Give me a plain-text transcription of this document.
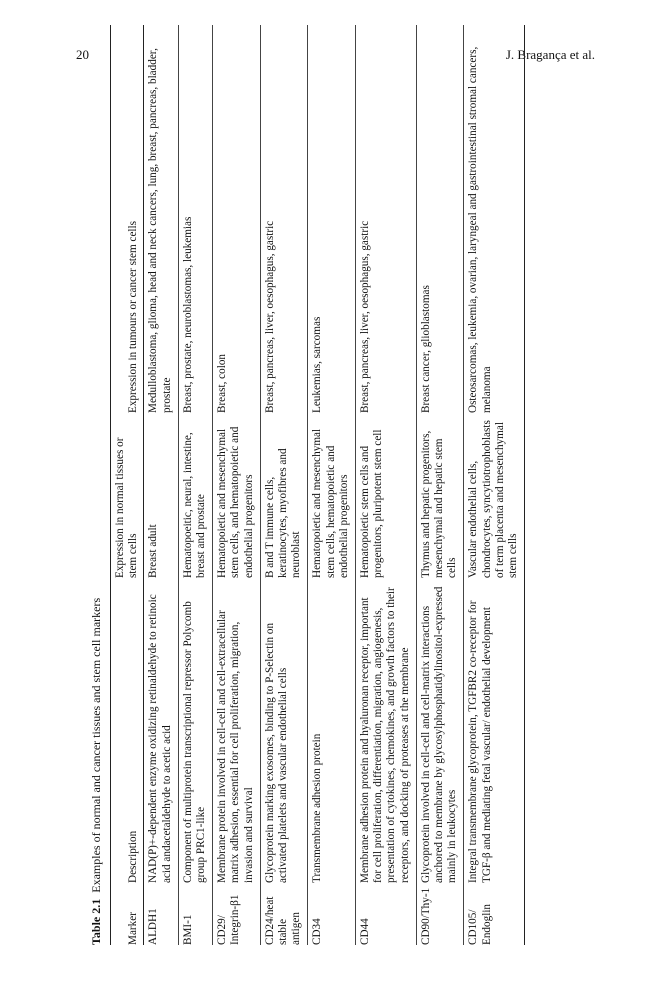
20	J. Bragança et al.
Table 2.1Examples of normal and cancer tissues and stem cell markers
Marker	Description	Expression in normal tissues or stem cells	Expression in tumours or cancer stem cells
ALDH1	NAD(P)+-dependent enzyme oxidizing retinaldehyde to retinoic acid andacetaldehyde to acetic acid	Breast adult	Medulloblastoma, glioma, head and neck cancers, lung, breast, pancreas, bladder, prostate
BMI-1	Component of multiprotein transcriptional repressor Polycomb group PRC1-like	Hematopoeitic, neural, intestine, breast and prostate	Breast, prostate, neuroblastomas, leukemias
CD29/ Integrin-β1	Membrane protein involved in cell-cell and cell-extracellular matrix adhesion, essential for cell proliferation, migration, invasion and survival	Hematopoietic and mesenchymal stem cells, and hematopoietic and endothelial progenitors	Breast, colon
CD24/heat stable antigen	Glycoprotein marking exosomes, binding to P-Selectin on activated platelets and vascular endothelial cells	B and T immune cells, keratinocytes, myofibres and neuroblast	Breast, pancreas, liver, oesophagus, gastric
CD34	Transmembrane adhesion protein	Hematopoietic and mesenchymal stem cells, hematopoietic and endothelial progenitors	Leukemias, sarcomas
CD44	Membrane adhesion protein and hyaluronan receptor, important for cell proliferation, differentiation, migration, angiogenesis, presentation of cytokines, chemokines, and growth factors to their receptors, and docking of proteases at the membrane	Hematopoietic stem cells and progenitors, pluripotent stem cell	Breast, pancreas, liver, oesophagus, gastric
CD90/Thy-1	Glycoprotein involved in cell-cell and cell-matrix interactions anchored to membrane by glycosylphosphatidylinositol-expressed mainly in leukocytes	Thymus and hepatic progenitors, mesenchymal and hepatic stem cells	Breast cancer, glioblastomas
CD105/ Endoglin	Integral transmembrane glycoprotein, TGFBR2 co-receptor for TGF-β and mediating fetal vascular/ endothelial development	Vascular endothelial cells, chondrocytes, syncytiotrophoblasts of term placenta and mesenchymal stem cells	Osteosarcomas, leukemia, ovarian, laryngeal and gastrointestinal stromal cancers, melanoma
